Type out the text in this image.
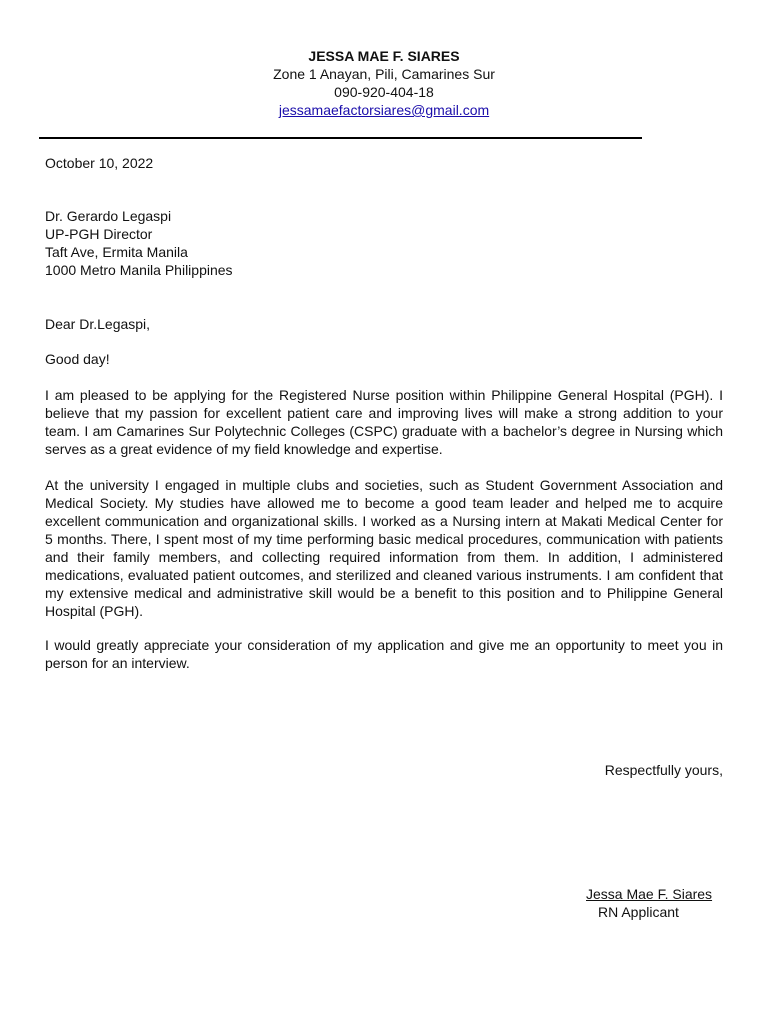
JESSA MAE F. SIARES
Zone 1 Anayan, Pili, Camarines Sur
090-920-404-18
jessamaefactorsiares@gmail.com
October 10, 2022
Dr. Gerardo Legaspi
UP-PGH Director
Taft Ave, Ermita Manila
1000 Metro Manila Philippines
Dear Dr.Legaspi,
Good day!
I am pleased to be applying for the Registered Nurse position within Philippine General Hospital (PGH). I believe that my passion for excellent patient care and improving lives will make a strong addition to your team. I am Camarines Sur Polytechnic Colleges (CSPC) graduate with a bachelor’s degree in Nursing which serves as a great evidence of my field knowledge and expertise.
At the university I engaged in multiple clubs and societies, such as Student Government Association and Medical Society. My studies have allowed me to become a good team leader and helped me to acquire excellent communication and organizational skills. I worked as a Nursing intern at Makati Medical Center for 5 months. There, I spent most of my time performing basic medical procedures, communication with patients and their family members, and collecting required information from them. In addition, I administered medications, evaluated patient outcomes, and sterilized and cleaned various instruments. I am confident that my extensive medical and administrative skill would be a benefit to this position and to Philippine General Hospital (PGH).
I would greatly appreciate your consideration of my application and give me an opportunity to meet you in person for an interview.
Respectfully yours,
Jessa Mae F. Siares
RN Applicant
